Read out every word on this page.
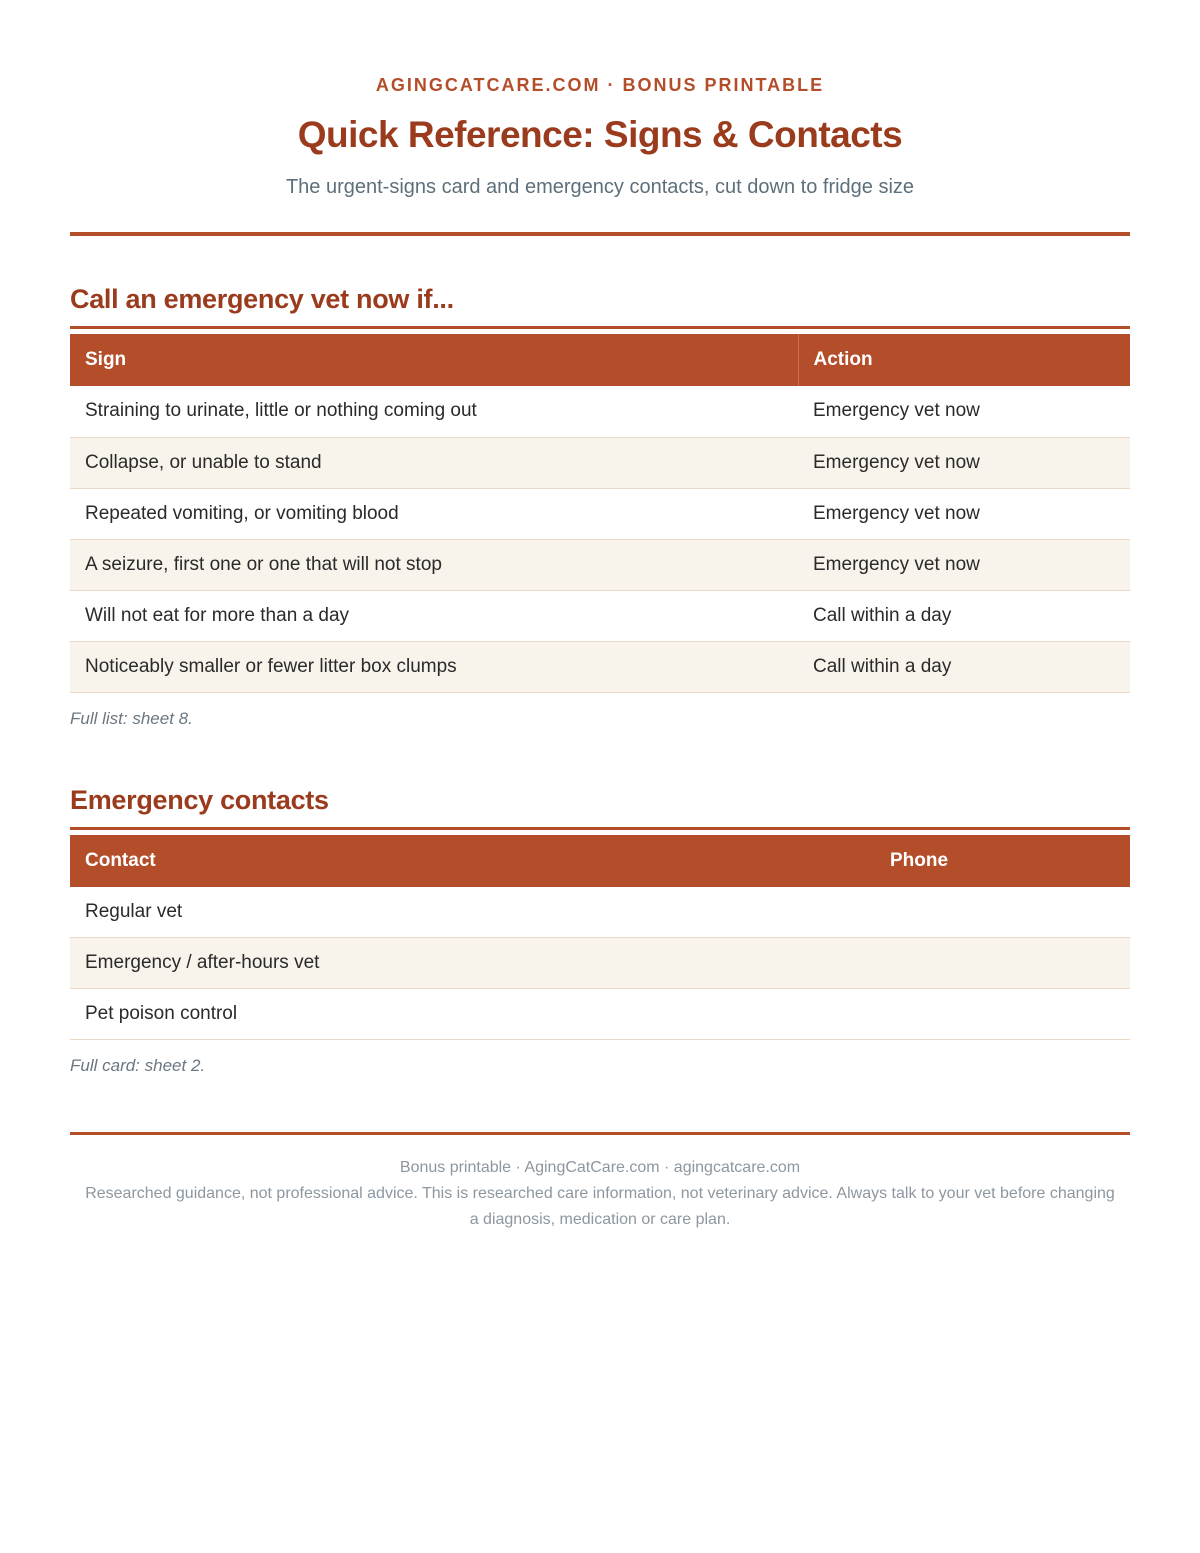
AGINGCATCARE.COM · BONUS PRINTABLE
Quick Reference: Signs & Contacts
The urgent-signs card and emergency contacts, cut down to fridge size
Call an emergency vet now if...
Sign	Action
Straining to urinate, little or nothing coming out	Emergency vet now
Collapse, or unable to stand	Emergency vet now
Repeated vomiting, or vomiting blood	Emergency vet now
A seizure, first one or one that will not stop	Emergency vet now
Will not eat for more than a day	Call within a day
Noticeably smaller or fewer litter box clumps	Call within a day
Full list: sheet 8.
Emergency contacts
Contact	Phone
Regular vet	
Emergency / after-hours vet	
Pet poison control	
Full card: sheet 2.
Bonus printable · AgingCatCare.com · agingcatcare.com
Researched guidance, not professional advice. This is researched care information, not veterinary advice. Always talk to your vet before changing a diagnosis, medication or care plan.
